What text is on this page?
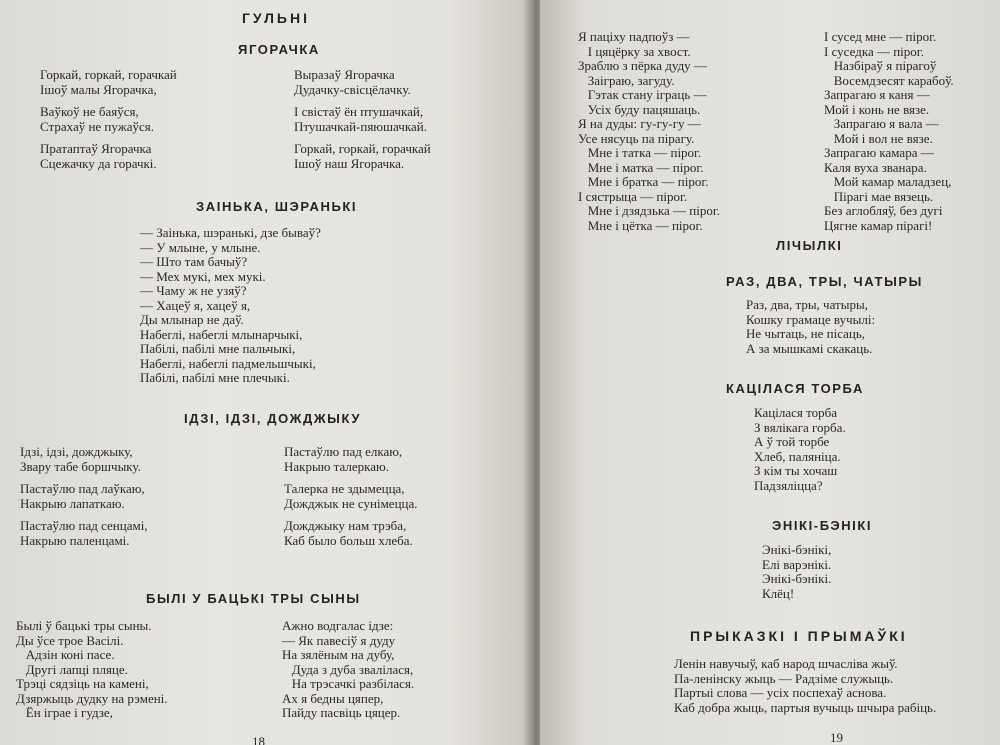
ГУЛЬНІ
ЯГОРАЧКА
Горкай, горкай, горачкай
Ішоў малы Ягорачка,
Ваўкоў не баяўся,
Страхаў не пужаўся.
Пратаптаў Ягорачка
Сцежачку да горачкі.
Выразаў Ягорачка
Дудачку-свісцёлачку.
І свістаў ён птушачкай,
Птушачкай-пяюшачкай.
Горкай, горкай, горачкай
Ішоў наш Ягорачка.
ЗАІНЬКА, ШЭРАНЬКІ
— Заінька, шэранькі, дзе бываў?
— У млыне, у млыне.
— Што там бачыў?
— Мех мукі, мех мукі.
— Чаму ж не узяў?
— Хацеў я, хацеў я,
Ды млынар не даў.
Набеглі, набеглі млынарчыкі,
Пабілі, пабілі мне пальчыкі,
Набеглі, набеглі падмельшчыкі,
Пабілі, пабілі мне плечыкі.
ІДЗІ, ІДЗІ, ДОЖДЖЫКУ
Ідзі, ідзі, дожджыку,
Звару табе боршчыку.
Пастаўлю пад лаўкаю,
Накрыю лапаткаю.
Пастаўлю пад сенцамі,
Накрыю паленцамі.
Пастаўлю пад елкаю,
Накрыю талеркаю.
Талерка не здымецца,
Дожджык не сунімецца.
Дожджыку нам трэба,
Каб было больш хлеба.
БЫЛІ У БАЦЬКІ ТРЫ СЫНЫ
Былі ў бацькі тры сыны.
Ды ўсе трое Васілі.
Адзін коні пасе.
Другі лапці пляце.
Трэці сядзіць на камені,
Дзяржыць дудку на рэмені.
Ён іграе і гудзе,
Ажно водгалас ідзе:
— Як павесіў я дуду
На зялёным на дубу,
Дуда з дуба звалілася,
На трэсачкі разбілася.
Ах я бедны цяпер,
Пайду пасвіць цяцер.
18
Я паціху падпоўз —
І цяцёрку за хвост.
Зраблю з пёрка дуду —
Заіграю, загуду.
Гэтак стану іграць —
Усіх буду пацяшаць.
Я на дуды: гу-гу-гу —
Усе нясуць па пірагу.
Мне і татка — пірог.
Мне і матка — пірог.
Мне і братка — пірог.
І сястрыца — пірог.
Мне і дзядзька — пірог.
Мне і цётка — пірог.
І сусед мне — пірог.
І суседка — пірог.
Назбіраў я пірагоў
Восемдзесят карабоў.
Запрагаю я каня —
Мой і конь не вязе.
Запрагаю я вала —
Мой і вол не вязе.
Запрагаю камара —
Каля вуха званара.
Мой камар маладзец,
Пірагі мае вязець.
Без аглобляў, без дугі
Цягне камар пірагі!
ЛІЧЫЛКІ
РАЗ, ДВА, ТРЫ, ЧАТЫРЫ
Раз, два, тры, чатыры,
Кошку грамаце вучылі:
Не чытаць, не пісаць,
А за мышкамі скакаць.
КАЦІЛАСЯ ТОРБА
Кацілася торба
З вялікага горба.
А ў той торбе
Хлеб, паляніца.
З кім ты хочаш
Падзяліцца?
ЭНІКІ-БЭНІКІ
Энікі-бэнікі,
Елі варэнікі.
Энікі-бэнікі.
Клёц!
ПРЫКАЗКІ І ПРЫМАЎКІ
Ленін навучыў, каб народ шчасліва жыў.
Па-ленінску жыць — Радзіме служыць.
Партыі слова — усіх поспехаў аснова.
Каб добра жыць, партыя вучыць шчыра рабіць.
19
